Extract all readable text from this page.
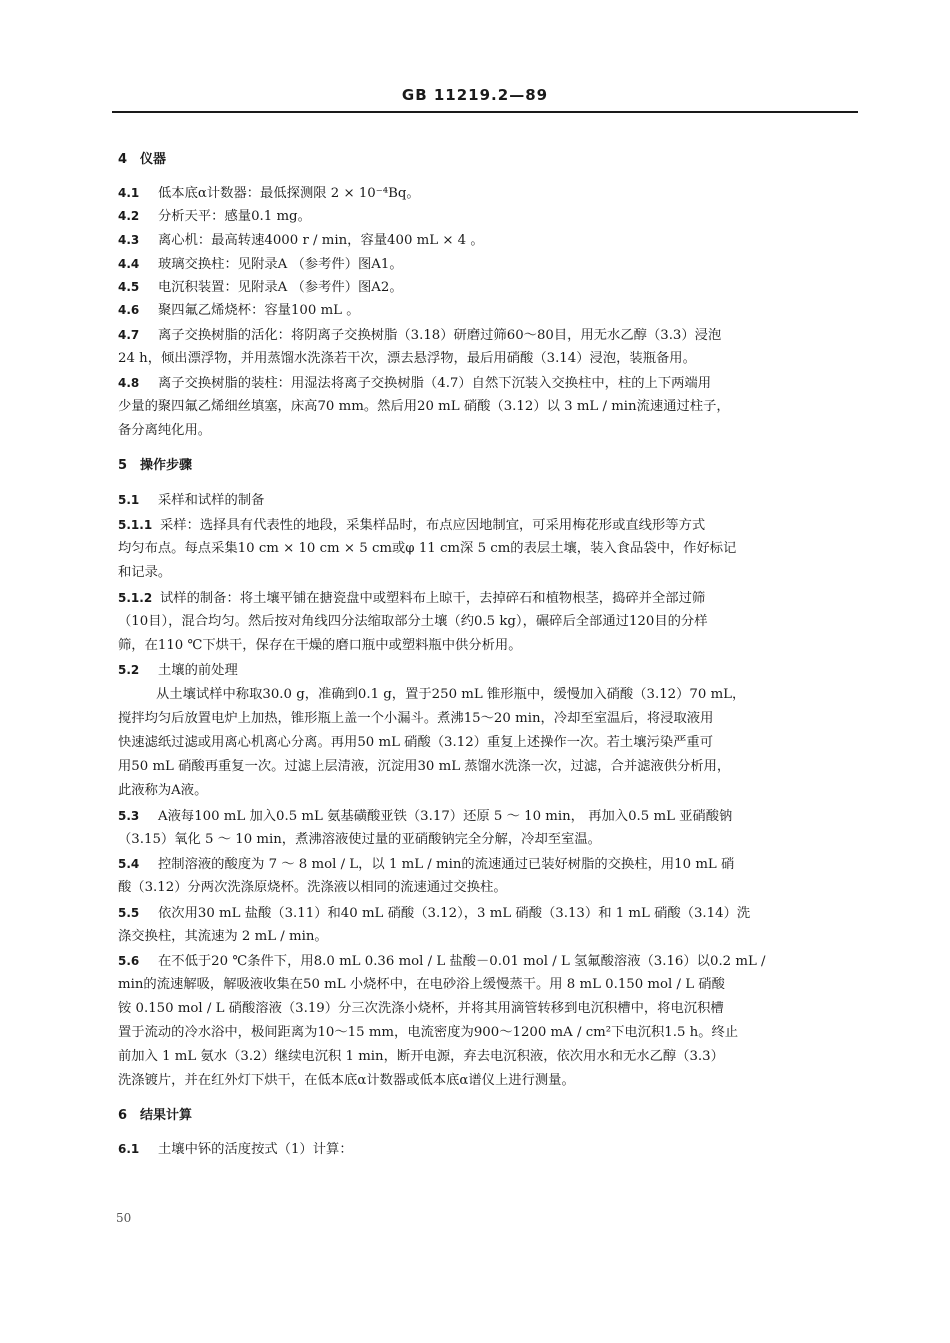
GB 11219.2—89
4 仪器
4.1 低本底α计数器：最低探测限 2 × 10⁻⁴Bq。
4.2 分析天平：感量0.1 mg。
4.3 离心机：最高转速4000 r / min，容量400 mL × 4 。
4.4 玻璃交换柱：见附录A （参考件）图A1。
4.5 电沉积装置：见附录A （参考件）图A2。
4.6 聚四氟乙烯烧杯：容量100 mL 。
4.7 离子交换树脂的活化：将阴离子交换树脂（3.18）研磨过筛60～80目，用无水乙醇（3.3）浸泡
24 h，倾出漂浮物，并用蒸馏水洗涤若干次，漂去悬浮物，最后用硝酸（3.14）浸泡，装瓶备用。
4.8 离子交换树脂的装柱：用湿法将离子交换树脂（4.7）自然下沉装入交换柱中，柱的上下两端用
少量的聚四氟乙烯细丝填塞，床高70 mm。然后用20 mL 硝酸（3.12）以 3 mL / min流速通过柱子，
备分离纯化用。
5 操作步骤
5.1 采样和试样的制备
5.1.1 采样：选择具有代表性的地段，采集样品时，布点应因地制宜，可采用梅花形或直线形等方式
均匀布点。每点采集10 cm × 10 cm × 5 cm或φ 11 cm深 5 cm的表层土壤，装入食品袋中，作好标记
和记录。
5.1.2 试样的制备：将土壤平铺在搪瓷盘中或塑料布上晾干，去掉碎石和植物根茎，捣碎并全部过筛
（10目），混合均匀。然后按对角线四分法缩取部分土壤（约0.5 kg），碾碎后全部通过120目的分样
筛，在110 ℃下烘干，保存在干燥的磨口瓶中或塑料瓶中供分析用。
5.2 土壤的前处理
从土壤试样中称取30.0 g，准确到0.1 g，置于250 mL 锥形瓶中，缓慢加入硝酸（3.12）70 mL，
搅拌均匀后放置电炉上加热，锥形瓶上盖一个小漏斗。煮沸15～20 min，冷却至室温后，将浸取液用
快速滤纸过滤或用离心机离心分离。再用50 mL 硝酸（3.12）重复上述操作一次。若土壤污染严重可
用50 mL 硝酸再重复一次。过滤上层清液，沉淀用30 mL 蒸馏水洗涤一次，过滤，合并滤液供分析用，
此液称为A液。
5.3 A液每100 mL 加入0.5 mL 氨基磺酸亚铁（3.17）还原 5 ～ 10 min， 再加入0.5 mL 亚硝酸钠
（3.15）氧化 5 ～ 10 min，煮沸溶液使过量的亚硝酸钠完全分解，冷却至室温。
5.4 控制溶液的酸度为 7 ～ 8 mol / L，以 1 mL / min的流速通过已装好树脂的交换柱，用10 mL 硝
酸（3.12）分两次洗涤原烧杯。洗涤液以相同的流速通过交换柱。
5.5 依次用30 mL 盐酸（3.11）和40 mL 硝酸（3.12），3 mL 硝酸（3.13）和 1 mL 硝酸（3.14）洗
涤交换柱，其流速为 2 mL / min。
5.6 在不低于20 ℃条件下，用8.0 mL 0.36 mol / L 盐酸－0.01 mol / L 氢氟酸溶液（3.16）以0.2 mL /
min的流速解吸，解吸液收集在50 mL 小烧杯中，在电砂浴上缓慢蒸干。用 8 mL 0.150 mol / L 硝酸
铵 0.150 mol / L 硝酸溶液（3.19）分三次洗涤小烧杯，并将其用滴管转移到电沉积槽中，将电沉积槽
置于流动的冷水浴中，极间距离为10～15 mm，电流密度为900～1200 mA / cm²下电沉积1.5 h。终止
前加入 1 mL 氨水（3.2）继续电沉积 1 min，断开电源，弃去电沉积液，依次用水和无水乙醇（3.3）
洗涤镀片，并在红外灯下烘干，在低本底α计数器或低本底α谱仪上进行测量。
6 结果计算
6.1 土壤中钚的活度按式（1）计算：
50
